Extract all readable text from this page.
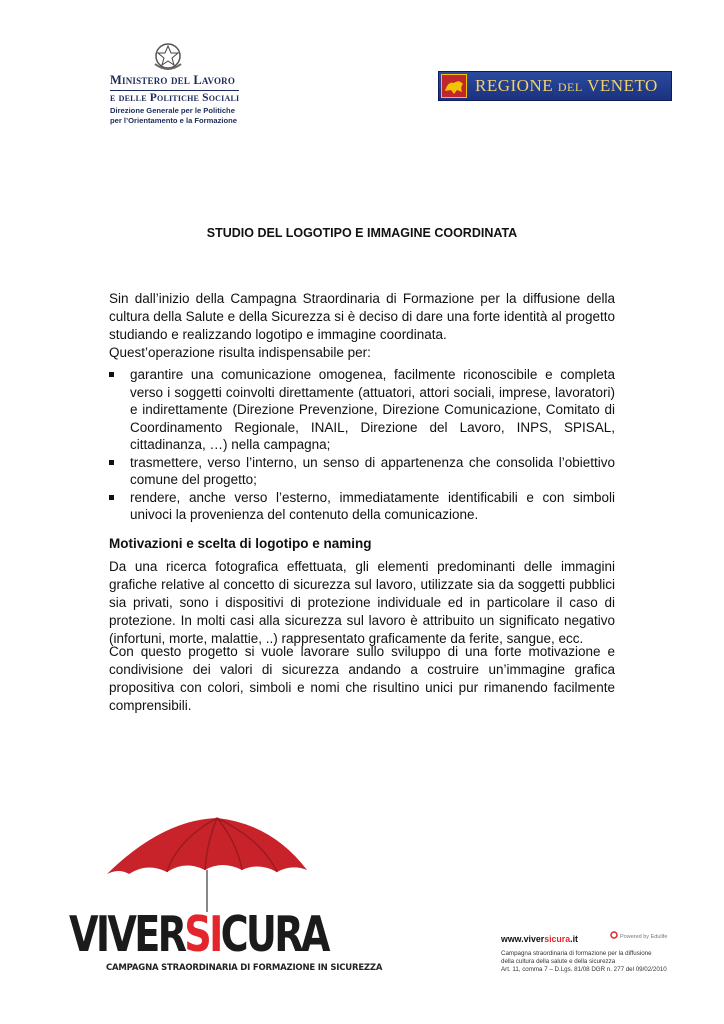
Ministero del Lavoro
e delle Politiche Sociali
Direzione Generale per le Politiche
per l’Orientamento e la Formazione
REGIONE DEL VENETO
STUDIO DEL LOGOTIPO E IMMAGINE COORDINATA
Sin dall’inizio della Campagna Straordinaria di Formazione per la diffusione della cultura della Salute e della Sicurezza si è deciso di dare una forte identità al progetto studiando e realizzando logotipo e immagine coordinata.
Quest’operazione risulta indispensabile per:
garantire una comunicazione omogenea, facilmente riconoscibile e completa verso i soggetti coinvolti direttamente (attuatori, attori sociali, imprese, lavoratori) e indirettamente (Direzione Prevenzione, Direzione Comunicazione, Comitato di Coordinamento Regionale, INAIL, Direzione del Lavoro, INPS, SPISAL, cittadinanza, …) nella campagna;
trasmettere, verso l’interno, un senso di appartenenza che consolida l’obiettivo comune del progetto;
rendere, anche verso l’esterno, immediatamente identificabili e con simboli univoci la provenienza del contenuto della comunicazione.
Motivazioni e scelta di logotipo e naming
Da una ricerca fotografica effettuata, gli elementi predominanti delle immagini grafiche relative al concetto di sicurezza sul lavoro, utilizzate sia da soggetti pubblici sia privati, sono i dispositivi di protezione individuale ed in particolare il caso di protezione. In molti casi alla sicurezza sul lavoro è attribuito un significato negativo (infortuni, morte, malattie, ..) rappresentato graficamente da ferite, sangue, ecc.
Con questo progetto si vuole lavorare sullo sviluppo di una forte motivazione e condivisione dei valori di sicurezza andando a costruire un’immagine grafica propositiva con colori, simboli e nomi che risultino unici pur rimanendo facilmente comprensibili.
VIVERSICURA
CAMPAGNA STRAORDINARIA DI FORMAZIONE IN SICUREZZA
www.viversicura.it	Powered by Edulife
Campagna straordinaria di formazione per la diffusione
della cultura della salute e della sicurezza
Art. 11, comma 7 – D.Lgs. 81/08 DGR n. 277 del 09/02/2010
